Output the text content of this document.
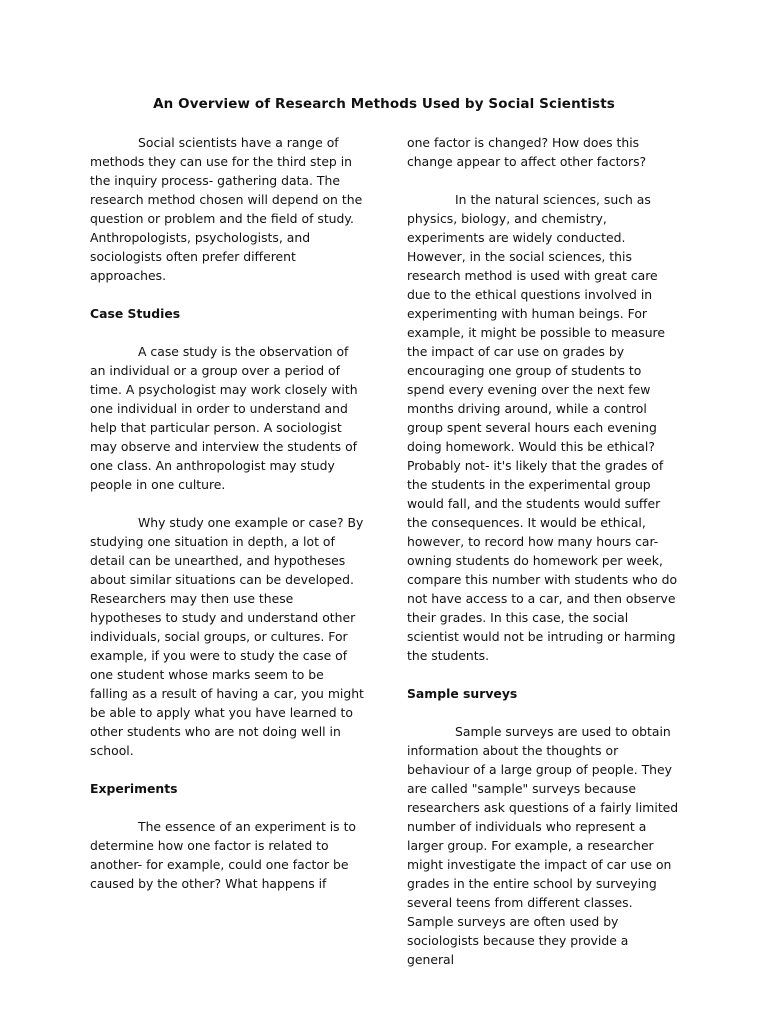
An Overview of Research Methods Used by Social Scientists

Social scientists have a range of methods they can use for the third step in the inquiry process- gathering data. The research method chosen will depend on the question or problem and the field of study. Anthropologists, psychologists, and sociologists often prefer different approaches.

Case Studies

A case study is the observation of an individual or a group over a period of time. A psychologist may work closely with one individual in order to understand and help that particular person. A sociologist may observe and interview the students of one class. An anthropologist may study people in one culture.

Why study one example or case? By studying one situation in depth, a lot of detail can be unearthed, and hypotheses about similar situations can be developed. Researchers may then use these hypotheses to study and understand other individuals, social groups, or cultures. For example, if you were to study the case of one student whose marks seem to be falling as a result of having a car, you might be able to apply what you have learned to other students who are not doing well in school.

Experiments

The essence of an experiment is to determine how one factor is related to another- for example, could one factor be caused by the other? What happens if

one factor is changed? How does this change appear to affect other factors?

In the natural sciences, such as physics, biology, and chemistry, experiments are widely conducted. However, in the social sciences, this research method is used with great care due to the ethical questions involved in experimenting with human beings. For example, it might be possible to measure the impact of car use on grades by encouraging one group of students to spend every evening over the next few months driving around, while a control group spent several hours each evening doing homework. Would this be ethical? Probably not- it's likely that the grades of the students in the experimental group would fall, and the students would suffer the consequences. It would be ethical, however, to record how many hours car-owning students do homework per week, compare this number with students who do not have access to a car, and then observe their grades. In this case, the social scientist would not be intruding or harming the students.

Sample surveys

Sample surveys are used to obtain information about the thoughts or behaviour of a large group of people. They are called "sample" surveys because researchers ask questions of a fairly limited number of individuals who represent a larger group. For example, a researcher might investigate the impact of car use on grades in the entire school by surveying several teens from different classes. Sample surveys are often used by sociologists because they provide a general
